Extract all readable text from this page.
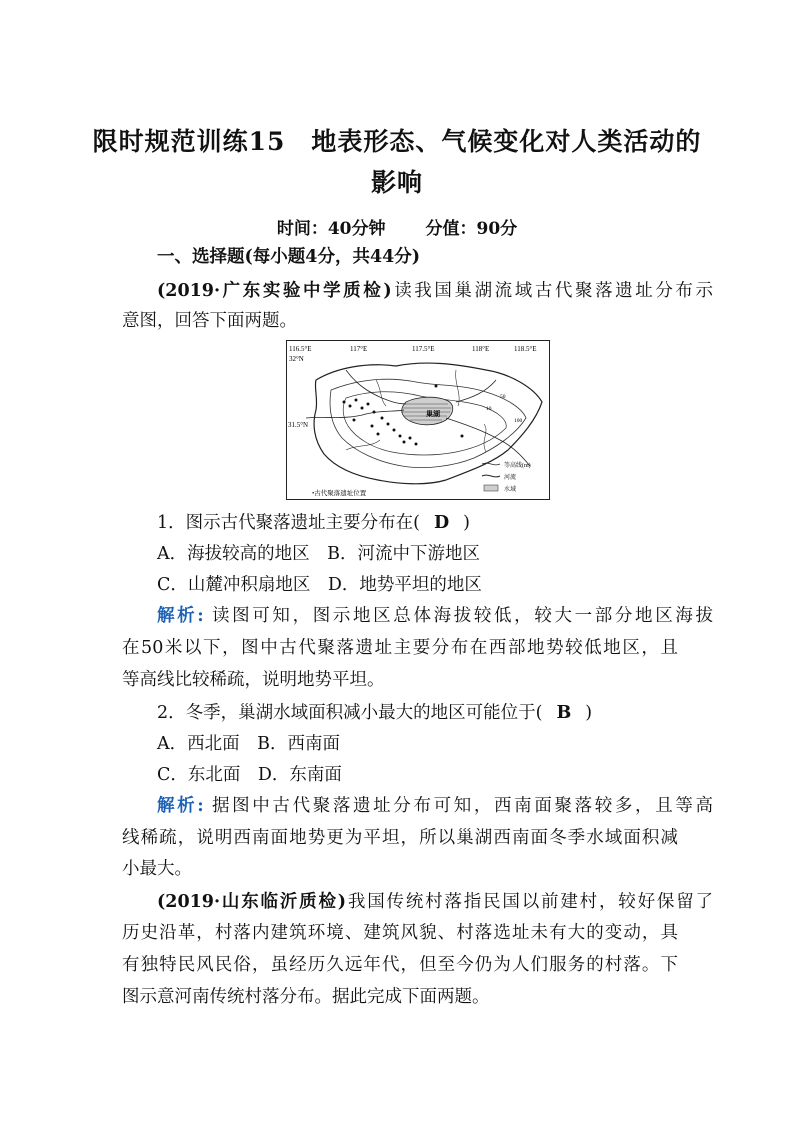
限时规范训练15　地表形态、气候变化对人类活动的
影响
时间：40分钟 分值：90分
一、选择题(每小题4分，共44分)
(2019·广东实验中学质检)读我国巢湖流域古代聚落遗址分布示
意图，回答下面两题。
116.5°E	117°E	117.5°E	118°E	118.5°E
32°N
31.5°N
巢湖
10
50
100
等高线(m)
河流
水域
•古代聚落遗址位置
1．图示古代聚落遗址主要分布在( D )
A．海拔较高的地区　B．河流中下游地区
C．山麓冲积扇地区　D．地势平坦的地区
解析: 读图可知，图示地区总体海拔较低，较大一部分地区海拔
在50米以下，图中古代聚落遗址主要分布在西部地势较低地区，且
等高线比较稀疏，说明地势平坦。
2．冬季，巢湖水域面积减小最大的地区可能位于( B )
A．西北面　B．西南面
C．东北面　D．东南面
解析: 据图中古代聚落遗址分布可知，西南面聚落较多，且等高
线稀疏，说明西南面地势更为平坦，所以巢湖西南面冬季水域面积减
小最大。
(2019·山东临沂质检)我国传统村落指民国以前建村，较好保留了
历史沿革，村落内建筑环境、建筑风貌、村落选址未有大的变动，具
有独特民风民俗，虽经历久远年代，但至今仍为人们服务的村落。下
图示意河南传统村落分布。据此完成下面两题。
